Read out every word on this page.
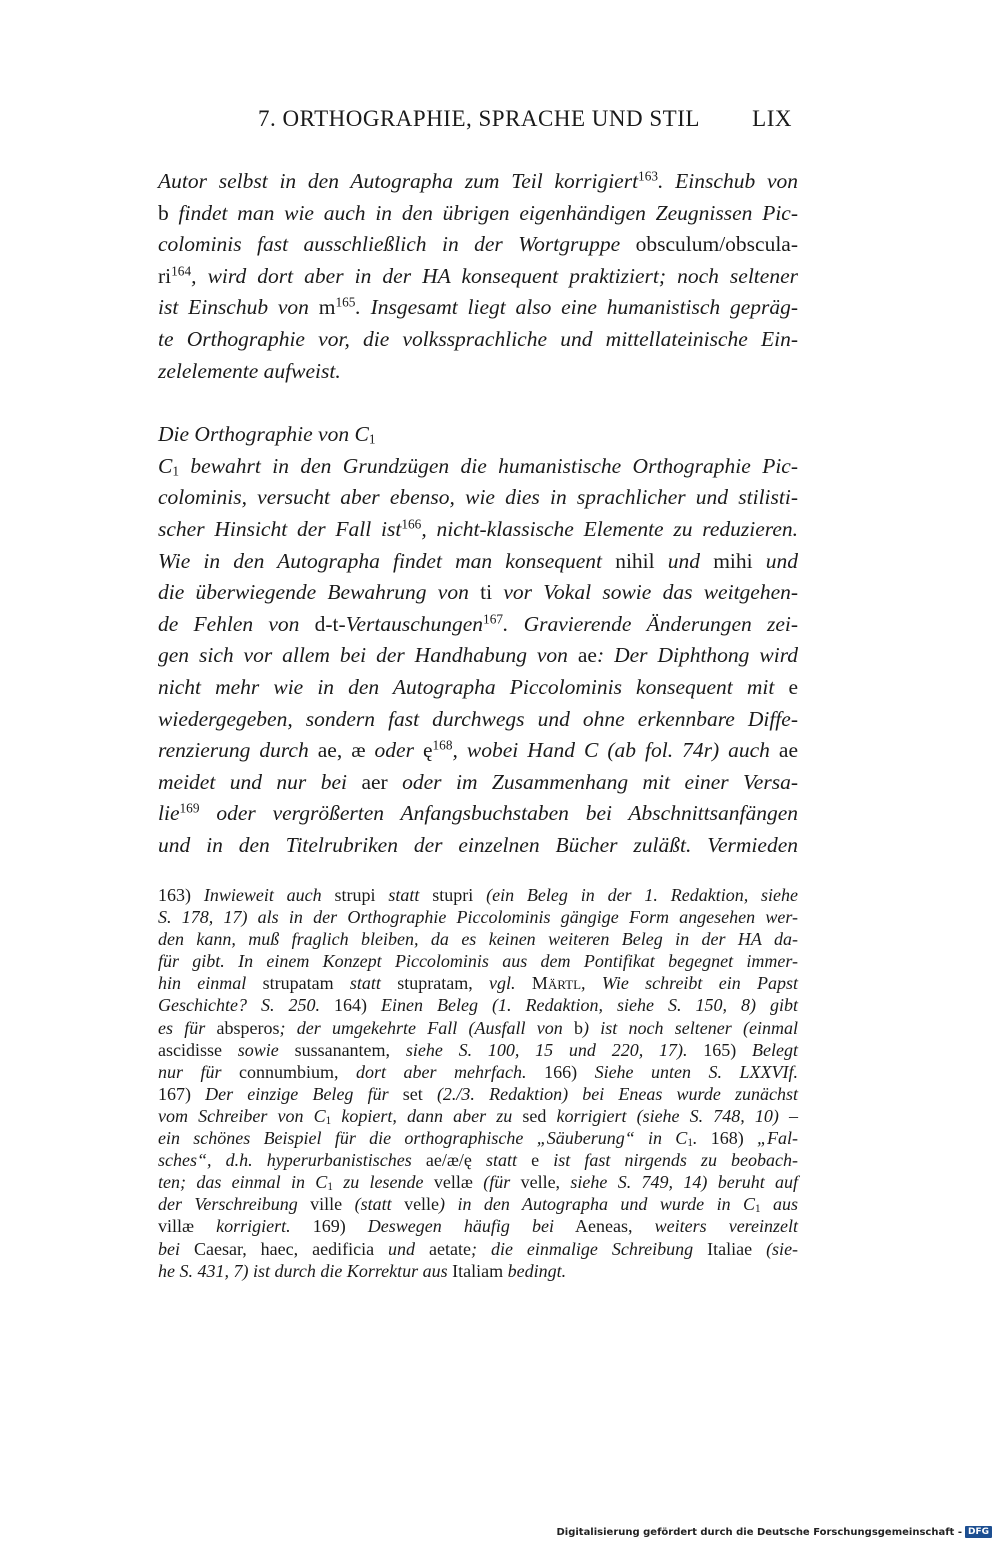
7. ORTHOGRAPHIE, SPRACHE UND STIL LIX
Autor selbst in den Autographa zum Teil korrigiert$^{163}$. Einschub von
b findet man wie auch in den übrigen eigenhändigen Zeugnissen Pic-
colominis fast ausschließlich in der Wortgruppe obsculum/obscula-
$ri^{164}$, wird dort aber in der HA konsequent praktiziert; noch seltener
ist Einschub von $m^{165}$. Insgesamt liegt also eine humanistisch gepräg-
te Orthographie vor, die volkssprachliche und mittellateinische Ein-
zelelemente aufweist.
Die Orthographie von $C_1$
$C_1$ bewahrt in den Grundzügen die humanistische Orthographie Pic-
colominis, versucht aber ebenso, wie dies in sprachlicher und stilisti-
scher Hinsicht der Fall ist$^{166}$, nicht-klassische Elemente zu reduzieren.
Wie in den Autographa findet man konsequent nihil und mihi und
die überwiegende Bewahrung von ti vor Vokal sowie das weitgehen-
de Fehlen von d-t-Vertauschungen$^{167}$. Gravierende Änderungen zei-
gen sich vor allem bei der Handhabung von ae: Der Diphthong wird
nicht mehr wie in den Autographa Piccolominis konsequent mit e
wiedergegeben, sondern fast durchwegs und ohne erkennbare Diffe-
renzierung durch ae, æ oder $ę^{168}$, wobei Hand C (ab fol. 74r) auch ae
meidet und nur bei aer oder im Zusammenhang mit einer Versa-
lie$^{169}$ oder vergrößerten Anfangsbuchstaben bei Abschnittsanfängen
und in den Titelrubriken der einzelnen Bücher zuläßt. Vermieden
163) Inwieweit auch strupi statt stupri (ein Beleg in der 1. Redaktion, siehe
S. 178, 17) als in der Orthographie Piccolominis gängige Form angesehen wer-
den kann, muß fraglich bleiben, da es keinen weiteren Beleg in der HA da-
für gibt. In einem Konzept Piccolominis aus dem Pontifikat begegnet immer-
hin einmal strupatam statt stupratam, vgl. Märtl, Wie schreibt ein Papst
Geschichte? S. 250. 164) Einen Beleg (1. Redaktion, siehe S. 150, 8) gibt
es für absperos; der umgekehrte Fall (Ausfall von b) ist noch seltener (einmal
ascidisse sowie sussanantem, siehe S. 100, 15 und 220, 17). 165) Belegt
nur für connumbium, dort aber mehrfach. 166) Siehe unten S. LXXVIf.
167) Der einzige Beleg für set (2./3. Redaktion) bei Eneas wurde zunächst
vom Schreiber von $C_1$ kopiert, dann aber zu sed korrigiert (siehe S. 748, 10) –
ein schönes Beispiel für die orthographische „Säuberung“ in $C_1$. 168) „Fal-
sches“, d.h. hyperurbanistisches ae/æ/ę statt e ist fast nirgends zu beobach-
ten; das einmal in $C_1$ zu lesende vellæ (für velle, siehe S. 749, 14) beruht auf
der Verschreibung ville (statt velle) in den Autographa und wurde in $C_1$ aus
villæ korrigiert. 169) Deswegen häufig bei Aeneas, weiters vereinzelt
bei Caesar, haec, aedificia und aetate; die einmalige Schreibung Italiae (sie-
he S. 431, 7) ist durch die Korrektur aus Italiam bedingt.
Digitalisierung gefördert durch die Deutsche Forschungsgemeinschaft - DFG
